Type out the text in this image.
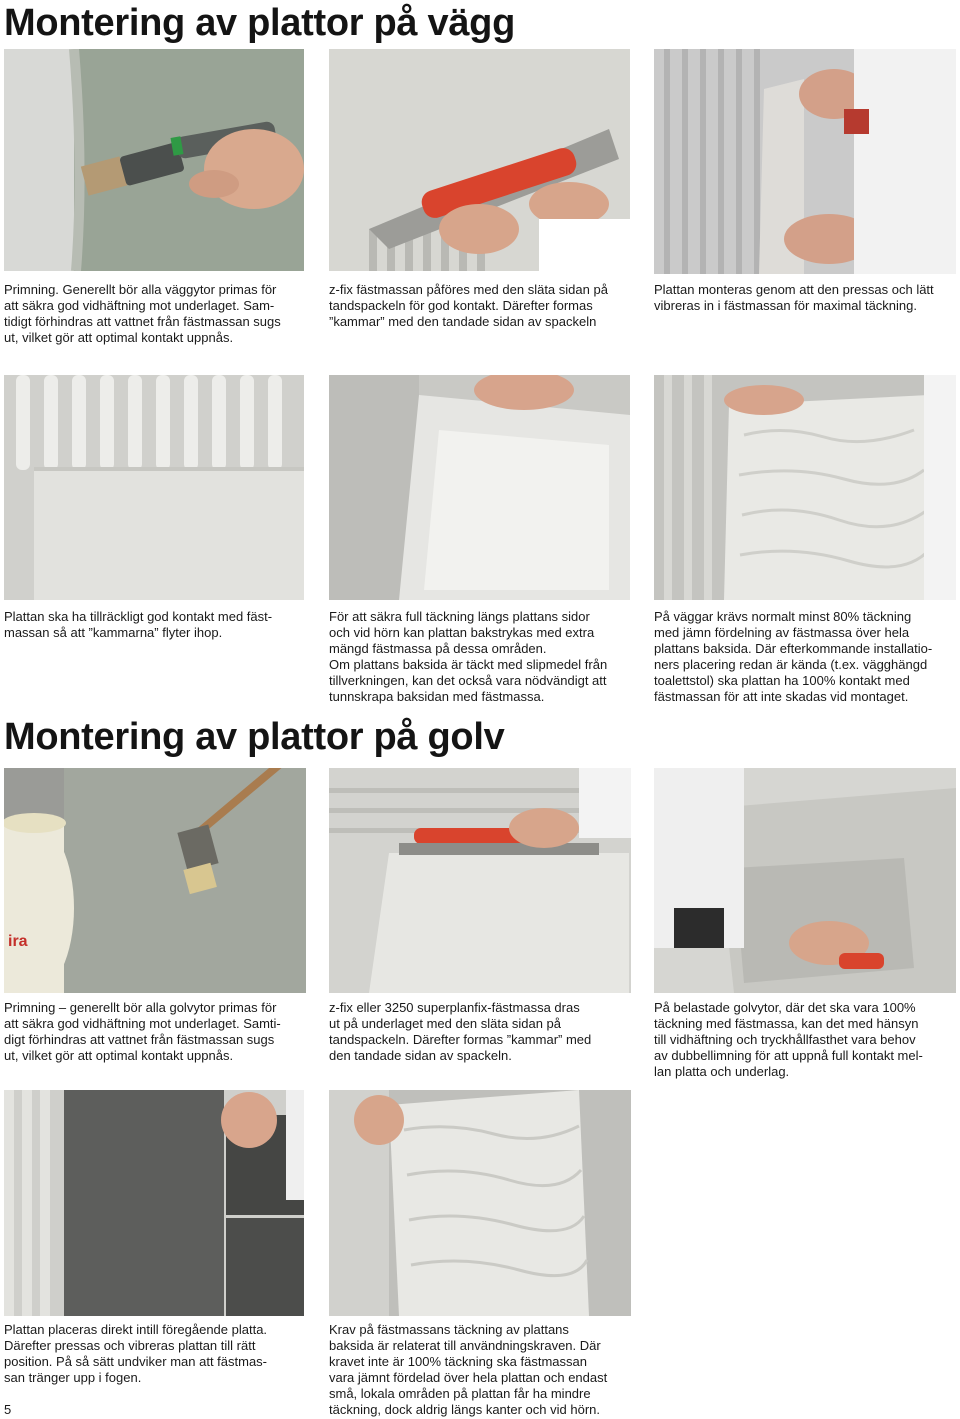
Montering av plattor på vägg
Montering av plattor på golv

Primning. Generellt bör alla väggytor primas för
att säkra god vidhäftning mot underlaget. Sam-
tidigt förhindras att vattnet från fästmassan sugs
ut, vilket gör att optimal kontakt uppnås.

z-fix fästmassan påföres med den släta sidan på
tandspackeln för god kontakt. Därefter formas
”kammar” med den tandade sidan av spackeln

Plattan monteras genom att den pressas och lätt
vibreras in i fästmassan för maximal täckning.

Plattan ska ha tillräckligt god kontakt med fäst-
massan så att ”kammarna” flyter ihop.

För att säkra full täckning längs plattans sidor
och vid hörn kan plattan bakstrykas med extra
mängd fästmassa på dessa områden.
Om plattans baksida är täckt med slipmedel från
tillverkningen, kan det också vara nödvändigt att
tunnskrapa baksidan med fästmassa.

På väggar krävs normalt minst 80% täckning
med jämn fördelning av fästmassa över hela
plattans baksida. Där efterkommande installatio-
ners placering redan är kända (t.ex. vägghängd
toalettstol) ska plattan ha 100% kontakt med
fästmassan för att inte skadas vid montaget.

ira

Primning – generellt bör alla golvytor primas för
att säkra god vidhäftning mot underlaget. Samti-
digt förhindras att vattnet från fästmassan sugs
ut, vilket gör att optimal kontakt uppnås.

z-fix eller 3250 superplanfix-fästmassa dras
ut på underlaget med den släta sidan på
tandspackeln. Därefter formas ”kammar” med
den tandade sidan av spackeln.

På belastade golvytor, där det ska vara 100%
täckning med fästmassa, kan det med hänsyn
till vidhäftning och tryckhållfasthet vara behov
av dubbellimning för att uppnå full kontakt mel-
lan platta och underlag.

Plattan placeras direkt intill föregående platta.
Därefter pressas och vibreras plattan till rätt
position. På så sätt undviker man att fästmas-
san tränger upp i fogen.

Krav på fästmassans täckning av plattans
baksida är relaterat till användningskraven. Där
kravet inte är 100% täckning ska fästmassan
vara jämnt fördelad över hela plattan och endast
små, lokala områden på plattan får ha mindre
täckning, dock aldrig längs kanter och vid hörn.

5
